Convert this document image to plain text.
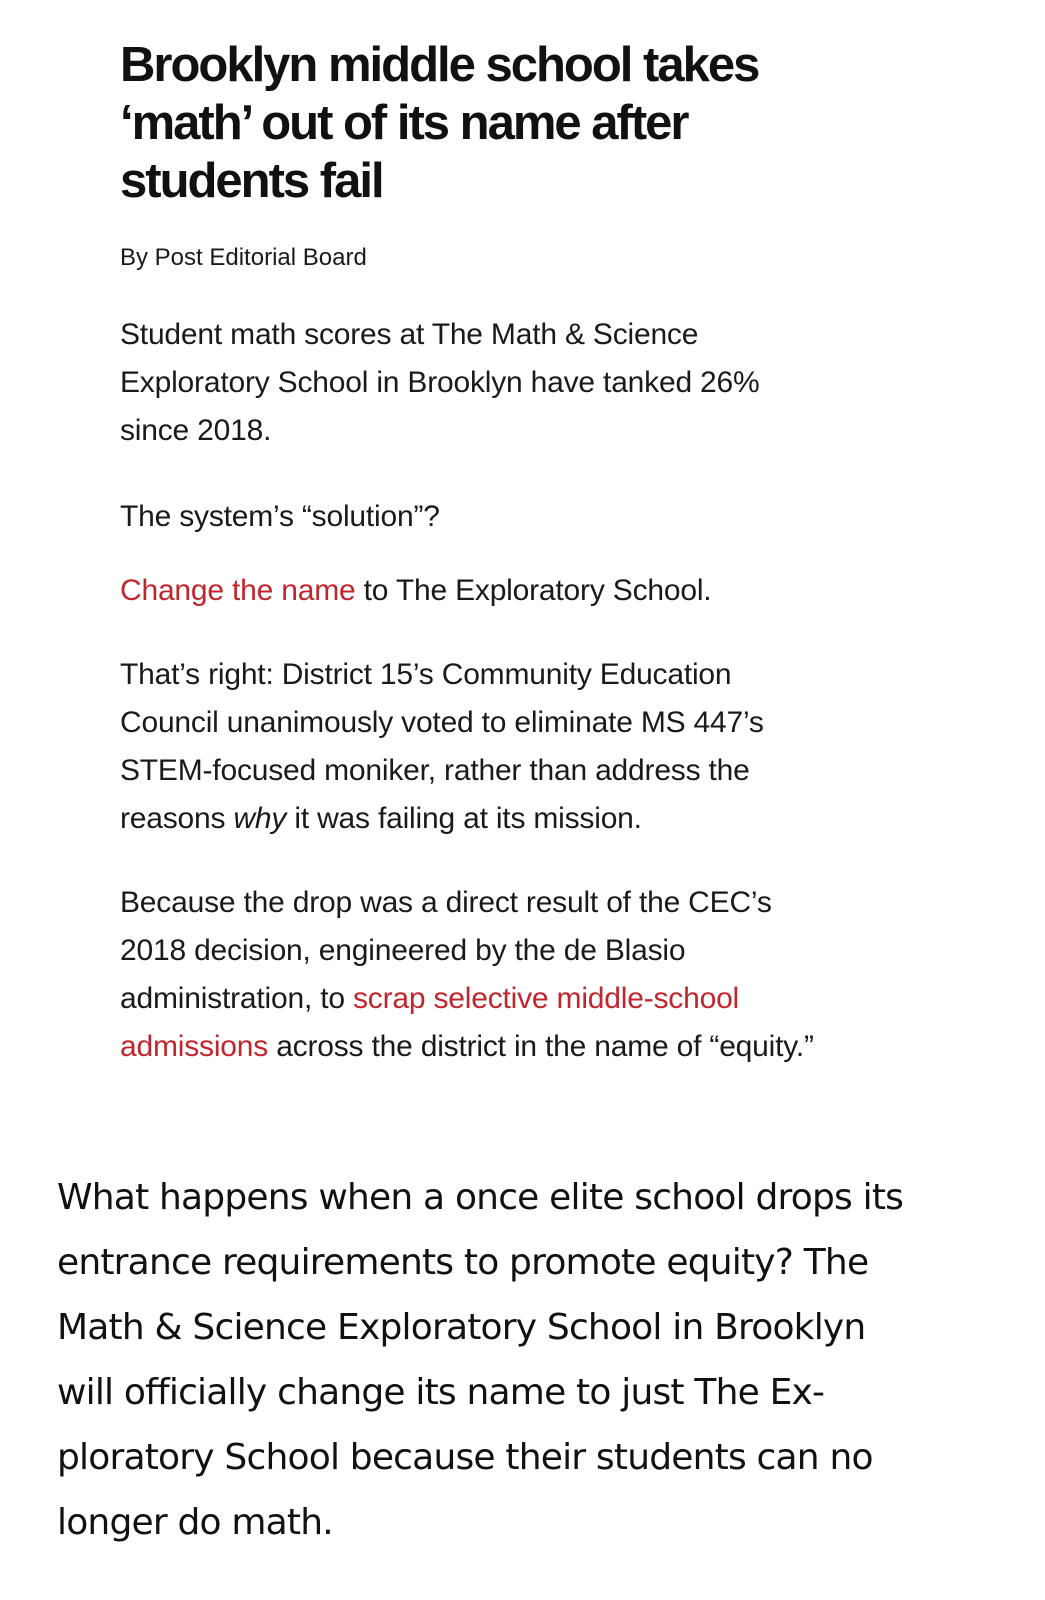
Brooklyn middle school takes
‘math’ out of its name after
students fail
By Post Editorial Board

Student math scores at The Math & Science
Exploratory School in Brooklyn have tanked 26%
since 2018.

The system’s “solution”?

Change the name to The Exploratory School.

That’s right: District 15’s Community Education
Council unanimously voted to eliminate MS 447’s
STEM-focused moniker, rather than address the
reasons why it was failing at its mission.

Because the drop was a direct result of the CEC’s
2018 decision, engineered by the de Blasio
administration, to scrap selective middle-school
admissions across the district in the name of “equity.”

What happens when a once elite school drops its
entrance requirements to promote equity? The
Math & Science Exploratory School in Brooklyn
will officially change its name to just The Ex-
ploratory School because their students can no
longer do math.
